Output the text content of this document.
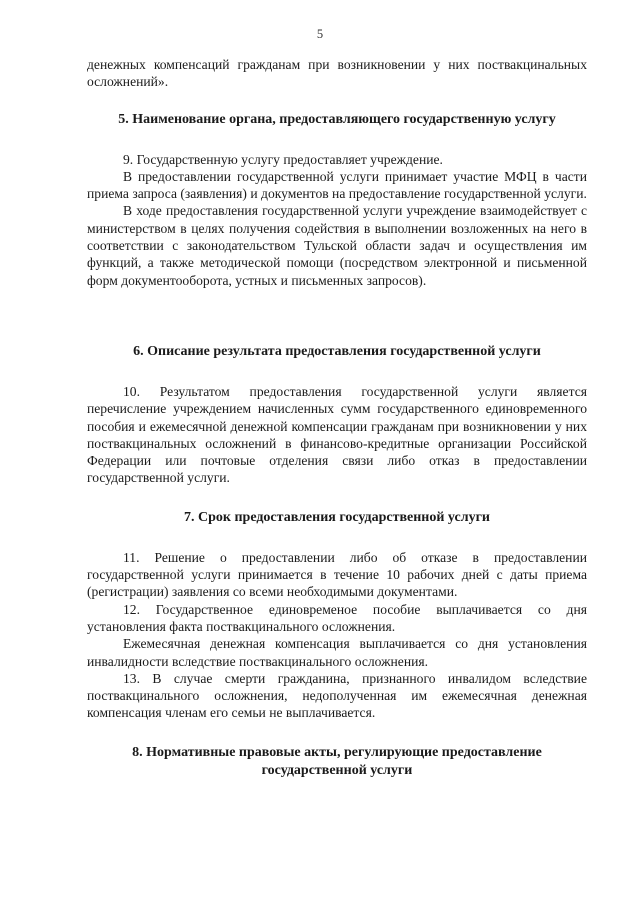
5

денежных компенсаций гражданам при возникновении у них поствакцинальных осложнений».

5. Наименование органа, предоставляющего государственную услугу

9. Государственную услугу предоставляет учреждение.

В предоставлении государственной услуги принимает участие МФЦ в части приема запроса (заявления) и документов на предоставление государственной услуги.

В ходе предоставления государственной услуги учреждение взаимодействует с министерством в целях получения содействия в выполнении возложенных на него в соответствии с законодательством Тульской области задач и осуществления им функций, а также методической помощи (посредством электронной и письменной форм документооборота, устных и письменных запросов).

6. Описание результата предоставления государственной услуги

10. Результатом предоставления государственной услуги является перечисление учреждением начисленных сумм государственного единовременного пособия и ежемесячной денежной компенсации гражданам при возникновении у них поствакцинальных осложнений в финансово-кредитные организации Российской Федерации или почтовые отделения связи либо отказ в предоставлении государственной услуги.

7. Срок предоставления государственной услуги

11. Решение о предоставлении либо об отказе в предоставлении государственной услуги принимается в течение 10 рабочих дней с даты приема (регистрации) заявления со всеми необходимыми документами.

12. Государственное единовременое пособие выплачивается со дня установления факта поствакцинального осложнения.

Ежемесячная денежная компенсация выплачивается со дня установления инвалидности вследствие поствакцинального осложнения.

13. В случае смерти гражданина, признанного инвалидом вследствие поствакцинального осложнения, недополученная им ежемесячная денежная компенсация членам его семьи не выплачивается.

8. Нормативные правовые акты, регулирующие предоставление государственной услуги
